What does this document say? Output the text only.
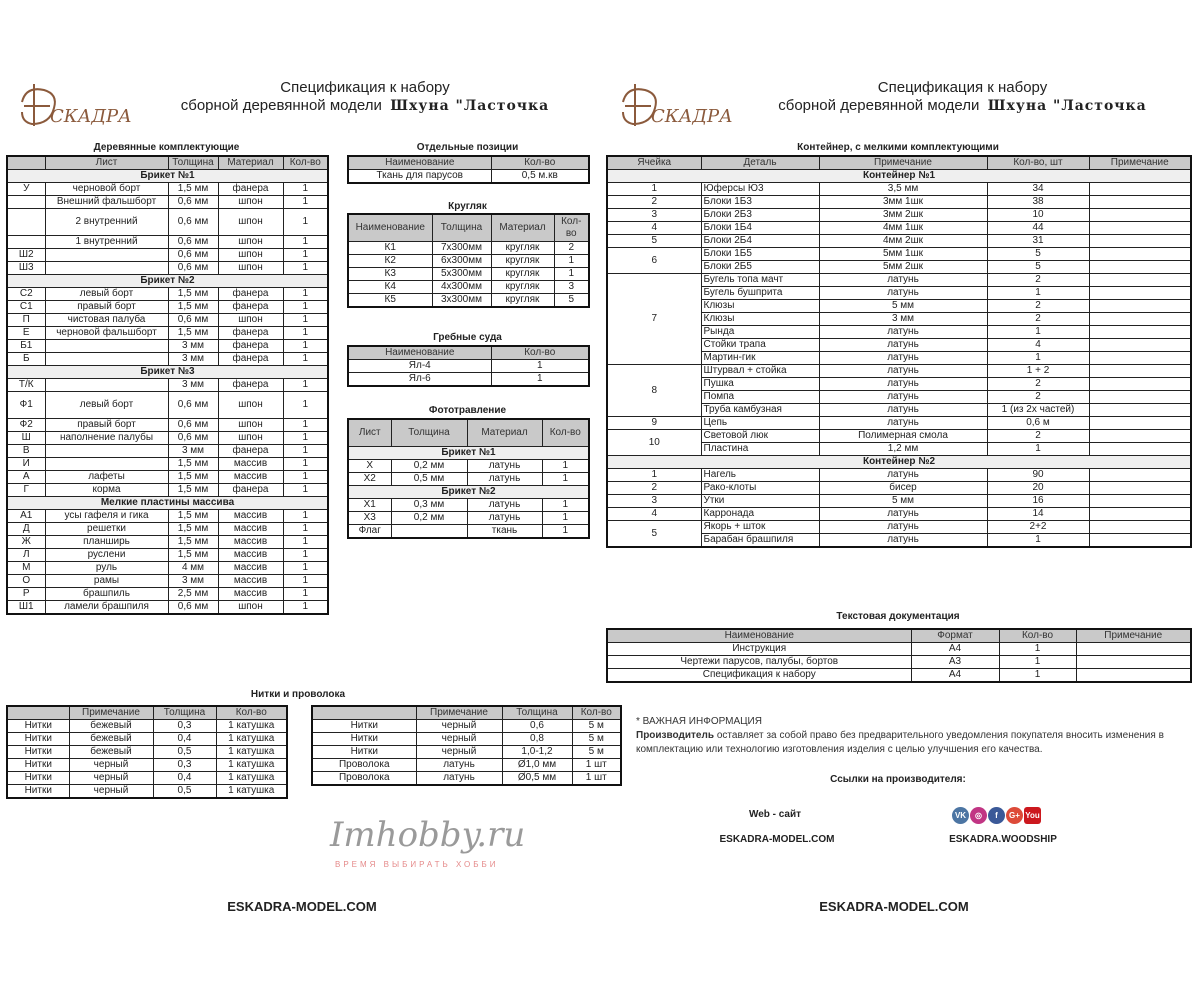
СКАДРА
Спецификация к набору
сборной деревянной модели Шхуна "Ласточка
Деревянные комплектующие
	Лист	Толщина	Материал	Кол-во
Брикет №1				
У	черновой борт	1,5 мм	фанера	1
	Внешний фальшборт	0,6 мм	шпон	1
	2 внутренний	0,6 мм	шпон	1
	1 внутренний	0,6 мм	шпон	1
Ш2		0,6 мм	шпон	1
Ш3		0,6 мм	шпон	1
Брикет №2				
С2	левый борт	1,5 мм	фанера	1
С1	правый борт	1,5 мм	фанера	1
П	чистовая палуба	0,6 мм	шпон	1
Е	черновой фальшборт	1,5 мм	фанера	1
Б1		3 мм	фанера	1
Б		3 мм	фанера	1
Брикет №3				
Т/К		3 мм	фанера	1
Ф1	левый борт	0,6 мм	шпон	1
Ф2	правый борт	0,6 мм	шпон	1
Ш	наполнение палубы	0,6 мм	шпон	1
В		3 мм	фанера	1
И		1,5 мм	массив	1
А	лафеты	1,5 мм	массив	1
Г	корма	1,5 мм	фанера	1
Мелкие пластины массива				
А1	усы гафеля и гика	1,5 мм	массив	1
Д	решетки	1,5 мм	массив	1
Ж	планширь	1,5 мм	массив	1
Л	руслени	1,5 мм	массив	1
М	руль	4 мм	массив	1
О	рамы	3 мм	массив	1
Р	брашпиль	2,5 мм	массив	1
Ш1	ламели брашпиля	0,6 мм	шпон	1
Отдельные позиции
Наименование	Кол-во
Ткань для парусов	0,5 м.кв
Кругляк
Наименование	Толщина	Материал	Кол-во
К1	7x300мм	кругляк	2
К2	6x300мм	кругляк	1
К3	5x300мм	кругляк	1
К4	4x300мм	кругляк	3
К5	3x300мм	кругляк	5
Гребные суда
Наименование	Кол-во
Ял-4	1
Ял-6	1
Фототравление
Лист	Толщина	Материал	Кол-во
Брикет №1			
Х	0,2 мм	латунь	1
Х2	0,5 мм	латунь	1
Брикет №2			
Х1	0,3 мм	латунь	1
Х3	0,2 мм	латунь	1
Флаг		ткань	1
Нитки и проволока
	Примечание	Толщина	Кол-во
Нитки	бежевый	0,3	1 катушка
Нитки	бежевый	0,4	1 катушка
Нитки	бежевый	0,5	1 катушка
Нитки	черный	0,3	1 катушка
Нитки	черный	0,4	1 катушка
Нитки	черный	0,5	1 катушка
	Примечание	Толщина	Кол-во
Нитки	черный	0,6	5 м
Нитки	черный	0,8	5 м
Нитки	черный	1,0-1,2	5 м
Проволока	латунь	Ø1,0 мм	1 шт
Проволока	латунь	Ø0,5 мм	1 шт
Imhobby.ru
ВРЕМЯ ВЫБИРАТЬ ХОББИ
ESKADRA-MODEL.COM
СКАДРА
Спецификация к набору
сборной деревянной модели Шхуна "Ласточка
Контейнер, с мелкими комплектующими
Ячейка	Деталь	Примечание	Кол-во, шт	Примечание
Контейнер №1				
1	Юферсы Ю3	3,5 мм	34	
2	Блоки 1Б3	3мм 1шк	38	
3	Блоки 2Б3	3мм 2шк	10	
4	Блоки 1Б4	4мм 1шк	44	
5	Блоки 2Б4	4мм 2шк	31	
6	Блоки 1Б5	5мм 1шк	5	
	Блоки 2Б5	5мм 2шк	5	
7	Бугель топа мачт	латунь	2	
	Бугель бушприта	латунь	1	
	Клюзы	5 мм	2	
	Клюзы	3 мм	2	
	Рында	латунь	1	
	Стойки трапа	латунь	4	
	Мартин-гик	латунь	1	
8	Штурвал + стойка	латунь	1 + 2	
	Пушка	латунь	2	
	Помпа	латунь	2	
	Труба камбузная	латунь	1 (из 2х частей)	
9	Цепь	латунь	0,6 м	
10	Световой люк	Полимерная смола	2	
	Пластина	1,2 мм	1	
Контейнер №2				
1	Нагель	латунь	90	
2	Рако-клоты	бисер	20	
3	Утки	5 мм	16	
4	Карронада	латунь	14	
5	Якорь + шток	латунь	2+2	
	Барабан брашпиля	латунь	1	
Текстовая документация
Наименование	Формат	Кол-во	Примечание
Инструкция	А4	1	
Чертежи парусов, палубы, бортов	А3	1	
Спецификация к набору	А4	1	
* ВАЖНАЯ ИНФОРМАЦИЯ
Производитель оставляет за собой право без предварительного уведомления покупателя вносить изменения в комплектацию или технологию изготовления изделия с целью улучшения его качества.
Ссылки на производителя:
Web - сайт
ESKADRA-MODEL.COM
VK ◎ f G+ You
ESKADRA.WOODSHIP
ESKADRA-MODEL.COM
